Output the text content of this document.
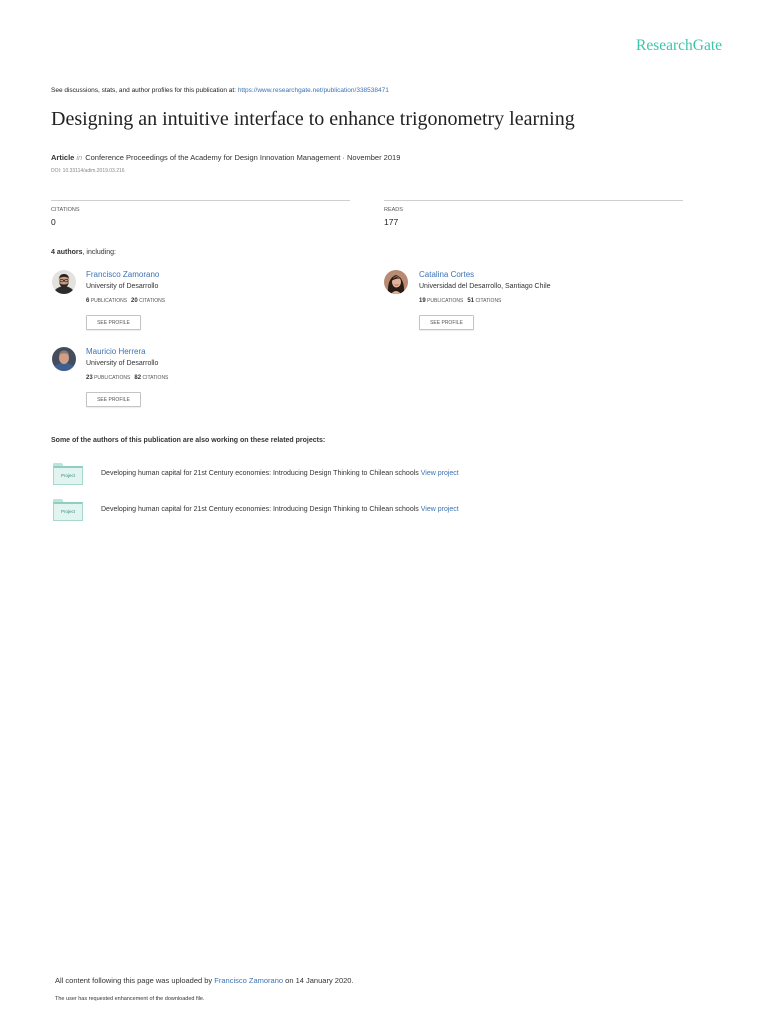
ResearchGate
See discussions, stats, and author profiles for this publication at: https://www.researchgate.net/publication/338538471
Designing an intuitive interface to enhance trigonometry learning
Article in Conference Proceedings of the Academy for Design Innovation Management · November 2019
DOI: 10.33114/adim.2019.03.216
CITATIONS
0
READS
177
4 authors, including:
Francisco Zamorano
University of Desarrollo
6 PUBLICATIONS 20 CITATIONS
SEE PROFILE
Catalina Cortes
Universidad del Desarrollo, Santiago Chile
19 PUBLICATIONS 51 CITATIONS
SEE PROFILE
Mauricio Herrera
University of Desarrollo
23 PUBLICATIONS 82 CITATIONS
SEE PROFILE
Some of the authors of this publication are also working on these related projects:
Project	Developing human capital for 21st Century economies: Introducing Design Thinking to Chilean schools View project
Project	Developing human capital for 21st Century economies: Introducing Design Thinking to Chilean schools View project
All content following this page was uploaded by Francisco Zamorano on 14 January 2020.
The user has requested enhancement of the downloaded file.
